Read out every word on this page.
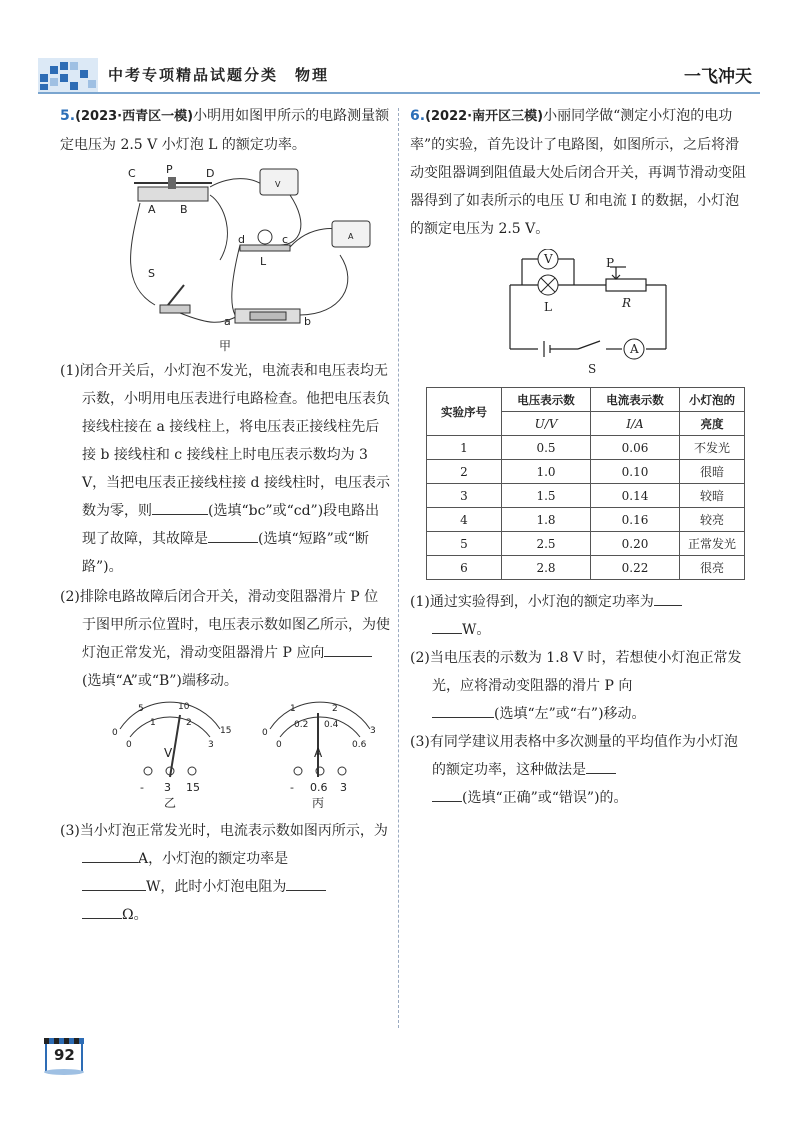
中考专项精品试题分类　物理	一飞冲天

5.(2023·西青区一模)小明用如图甲所示的电路测量额定电压为 2.5 V 小灯泡 L 的额定功率。

C	P	D
A B
S
L
c
d
a	b
V
A
甲

(1)闭合开关后，小灯泡不发光，电流表和电压表均无示数，小明用电压表进行电路检查。他把电压表负接线柱接在 a 接线柱上，将电压表正接线柱先后接 b 接线柱和 c 接线柱上时电压表示数均为 3 V，当把电压表正接线柱接 d 接线柱时，电压表示数为零，则	(选填“bc”或“cd”)段电路出现了故障，其故障是	(选填“短路”或“断路”)。

(2)排除电路故障后闭合开关，滑动变阻器滑片 P 位于图甲所示位置时，电压表示数如图乙所示，为使灯泡正常发光，滑动变阻器滑片 P 应向(选填“A”或“B”)端移动。

0
5	10
15
0
1	2
3
V
- 3 15
0
1	2
3
0
0.2 0.4
0.6
A
- 0.6 3
乙	丙

(3)当小灯泡正常发光时，电流表示数如图丙所示，为A，小灯泡的额定功率是
W，此时小灯泡电阻为
Ω。

6.(2022·南开区三模)小丽同学做“测定小灯泡的电功率”的实验，首先设计了电路图，如图所示，之后将滑动变阻器调到阻值最大处后闭合开关，再调节滑动变阻器得到了如表所示的电压 U 和电流 I 的数据，小灯泡的额定电压为 2.5 V。

V
L
P
R
S
A
实验序号	电压表示数	电流表示数	小灯泡的
	U/V	I/A	亮度
1	0.5	0.06	不发光
2	1.0	0.10	很暗
3	1.5	0.14	较暗
4	1.8	0.16	较亮
5	2.5	0.20	正常发光
6	2.8	0.22	很亮

(1)通过实验得到，小灯泡的额定功率为
W。

(2)当电压表的示数为 1.8 V 时，若想使小灯泡正常发光，应将滑动变阻器的滑片 P 向
(选填“左”或“右”)移动。

(3)有同学建议用表格中多次测量的平均值作为小灯泡的额定功率，这种做法是
(选填“正确”或“错误”)的。

92
